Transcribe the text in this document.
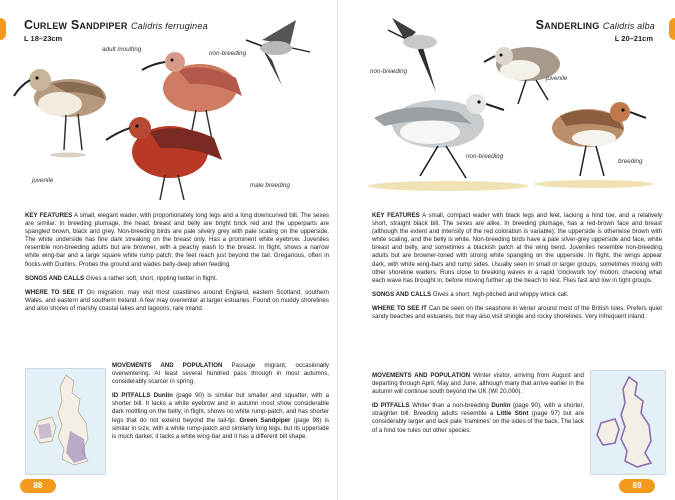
Curlew Sandpiper Calidris ferruginea
L 18–23cm
adult moulting
non-breeding
juvenile
male breeding

KEY FEATURES A small, elegant wader, with proportionately long legs and a long downcurved bill. The sexes are similar. In breeding plumage, the head, breast and belly are bright brick red and the upperparts are spangled brown, black and grey. Non-breeding birds are pale silvery grey with pale scaling on the upperside. The white underside has fine dark streaking on the breast only. Has a prominent white eyebrow. Juveniles resemble non-breeding adults but are browner, with a peachy wash to the breast. In flight, shows a narrow white wing-bar and a large square white rump patch; the feet reach just beyond the tail. Gregarious, often in flocks with Dunlins. Probes the ground and wades belly-deep when feeding.

SONGS AND CALLS Gives a rather soft, short, rippling twitter in flight.

WHERE TO SEE IT On migration, may visit most coastlines around England, eastern Scotland, southern Wales, and eastern and southern Ireland. A few may overwinter at larger estuaries. Found on muddy shorelines and also shores of marshy coastal lakes and lagoons, rare inland.

MOVEMENTS AND POPULATION Passage migrant, occasionally overwintering. At least several hundred pass through in most autumns, considerably scarcer in spring.

ID PITFALLS Dunlin (page 90) is similar but smaller and squatter, with a shorter bill. It lacks a white eyebrow and in autumn most show considerable dark mottling on the belly; in flight, shows no white rump-patch, and has shorter legs that do not extend beyond the tail-tip. Green Sandpiper (page 98) is similar in size, with a white rump-patch and similarly long legs, but its upperside is much darker, it lacks a white wing-bar and it has a different bill shape.

88
Sanderling Calidris alba
L 20–21cm
non-breeding
juvenile
non-breeding
breeding

KEY FEATURES A small, compact wader with black legs and feet, lacking a hind toe, and a relatively short, straight black bill. The sexes are alike. In breeding plumage, has a red-brown face and breast (although the extent and intensity of the red coloration is variable); the upperside is otherwise brown with white scaling, and the belly is white. Non-breeding birds have a pale silver-grey upperside and face, white breast and belly, and sometimes a blackish patch at the wing bend. Juveniles resemble non-breeding adults but are browner-toned with strong white spangling on the upperside. In flight, the wings appear dark, with white wing-bars and rump sides. Usually seen in small or larger groups, sometimes mixing with other shoreline waders. Runs close to breaking waves in a rapid 'clockwork toy' motion, checking what each wave has brought in, before moving further up the beach to rest. Flies fast and low in tight groups.

SONGS AND CALLS Gives a short, high-pitched and whippy whick call.

WHERE TO SEE IT Can be seen on the seashore in winter around most of the British Isles. Prefers quiet sandy beaches and estuaries, but may also visit shingle and rocky shorelines. Very infrequent inland.

MOVEMENTS AND POPULATION Winter visitor, arriving from August and departing through April, May and June, although many that arrive earlier in the autumn will continue south beyond the UK (WI 20,000).

ID PITFALLS Whiter than a non-breeding Dunlin (page 90), with a shorter, straighter bill. Breeding adults resemble a Little Stint (page 97) but are considerably larger and lack pale 'tramlines' on the sides of the back. The lack of a hind toe rules out other species.

89
